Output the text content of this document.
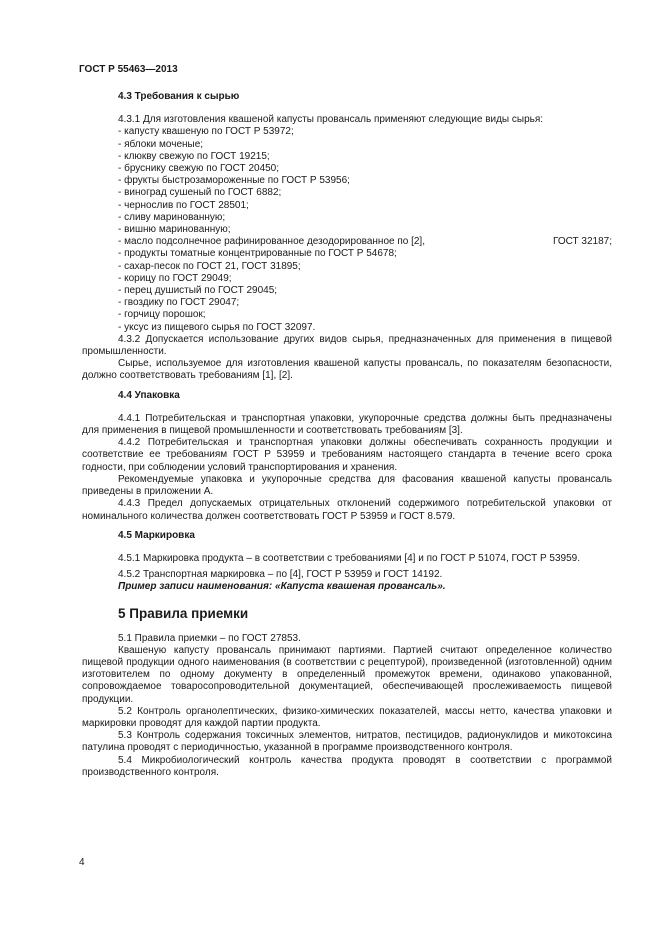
ГОСТ Р 55463—2013
4.3 Требования к сырью
4.3.1 Для изготовления квашеной капусты провансаль применяют следующие виды сырья:
- капусту квашеную по ГОСТ Р 53972;
- яблоки моченые;
- клюкву свежую по ГОСТ 19215;
- бруснику свежую по ГОСТ 20450;
- фрукты быстрозамороженные по ГОСТ Р 53956;
- виноград сушеный по ГОСТ 6882;
- чернослив по ГОСТ 28501;
- сливу маринованную;
- вишню маринованную;
- масло подсолнечное рафинированное дезодорированное по [2],	ГОСТ 32187;
- продукты томатные концентрированные по ГОСТ Р 54678;
- сахар-песок по ГОСТ 21, ГОСТ 31895;
- корицу по ГОСТ 29049;
- перец душистый по ГОСТ 29045;
- гвоздику по ГОСТ 29047;
- горчицу порошок;
- уксус из пищевого сырья по ГОСТ 32097.
4.3.2 Допускается использование других видов сырья, предназначенных для применения в пищевой промышленности.
Сырье, используемое для изготовления квашеной капусты провансаль, по показателям безопасности, должно соответствовать требованиям [1], [2].
4.4 Упаковка
4.4.1 Потребительская и транспортная упаковки, укупорочные средства должны быть предназначены для применения в пищевой промышленности и соответствовать требованиям [3].
4.4.2 Потребительская и транспортная упаковки должны обеспечивать сохранность продукции и соответствие ее требованиям ГОСТ Р 53959 и требованиям настоящего стандарта в течение всего срока годности, при соблюдении условий транспортирования и хранения.
Рекомендуемые упаковка и укупорочные средства для фасования квашеной капусты провансаль приведены в приложении А.
4.4.3 Предел допускаемых отрицательных отклонений содержимого потребительской упаковки от номинального количества должен соответствовать ГОСТ Р 53959 и ГОСТ 8.579.
4.5 Маркировка
4.5.1 Маркировка продукта – в соответствии с требованиями [4] и по ГОСТ Р 51074, ГОСТ Р 53959.
4.5.2 Транспортная маркировка – по [4], ГОСТ Р 53959 и ГОСТ 14192.
Пример записи наименования: «Капуста квашеная провансаль».
5 Правила приемки
5.1 Правила приемки – по ГОСТ 27853.
Квашеную капусту провансаль принимают партиями. Партией считают определенное количество пищевой продукции одного наименования (в соответствии с рецептурой), произведенной (изготовленной) одним изготовителем по одному документу в определенный промежуток времени, одинаково упакованной, сопровождаемое товаросопроводительной документацией, обеспечивающей прослеживаемость пищевой продукции.
5.2 Контроль органолептических, физико-химических показателей, массы нетто, качества упаковки и маркировки проводят для каждой партии продукта.
5.3 Контроль содержания токсичных элементов, нитратов, пестицидов, радионуклидов и микотоксина патулина проводят с периодичностью, указанной в программе производственного контроля.
5.4 Микробиологический контроль качества продукта проводят в соответствии с программой производственного контроля.
4
